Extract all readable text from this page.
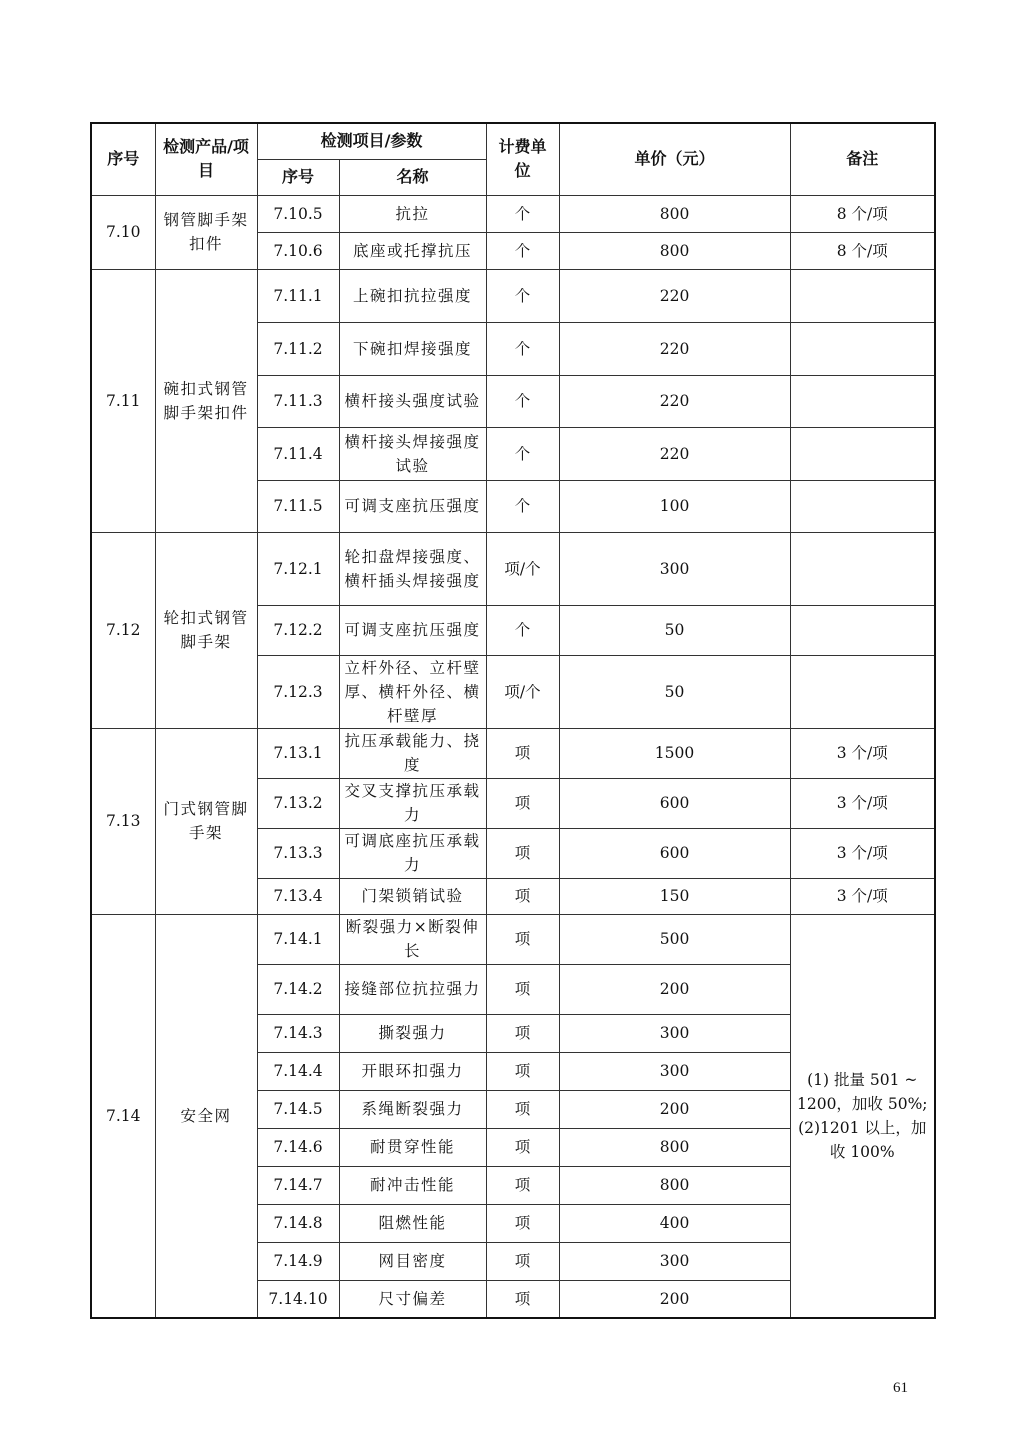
序号	检测产品/项目	检测项目/参数		计费单位	单价（元）	备注
		序号	名称			
7.10	钢管脚手架扣件	7.10.5	抗拉	个	800	8 个/项
		7.10.6	底座或托撑抗压	个	800	8 个/项
7.11	碗扣式钢管脚手架扣件	7.11.1	上碗扣抗拉强度	个	220	
		7.11.2	下碗扣焊接强度	个	220	
		7.11.3	横杆接头强度试验	个	220	
		7.11.4	横杆接头焊接强度试验	个	220	
		7.11.5	可调支座抗压强度	个	100	
7.12	轮扣式钢管脚手架	7.12.1	轮扣盘焊接强度、横杆插头焊接强度	项/个	300	
		7.12.2	可调支座抗压强度	个	50	
		7.12.3	立杆外径、立杆壁厚、横杆外径、横杆壁厚	项/个	50	
7.13	门式钢管脚手架	7.13.1	抗压承载能力、挠度	项	1500	3 个/项
		7.13.2	交叉支撑抗压承载力	项	600	3 个/项
		7.13.3	可调底座抗压承载力	项	600	3 个/项
		7.13.4	门架锁销试验	项	150	3 个/项
7.14	安全网	7.14.1	断裂强力×断裂伸长	项	500	(1) 批量 501 ~ 1200，加收 50%; (2)1201 以上，加收 100%
		7.14.2	接缝部位抗拉强力	项	200	
		7.14.3	撕裂强力	项	300	
		7.14.4	开眼环扣强力	项	300	
		7.14.5	系绳断裂强力	项	200	
		7.14.6	耐贯穿性能	项	800	
		7.14.7	耐冲击性能	项	800	
		7.14.8	阻燃性能	项	400	
		7.14.9	网目密度	项	300	
		7.14.10	尺寸偏差	项	200	
61
